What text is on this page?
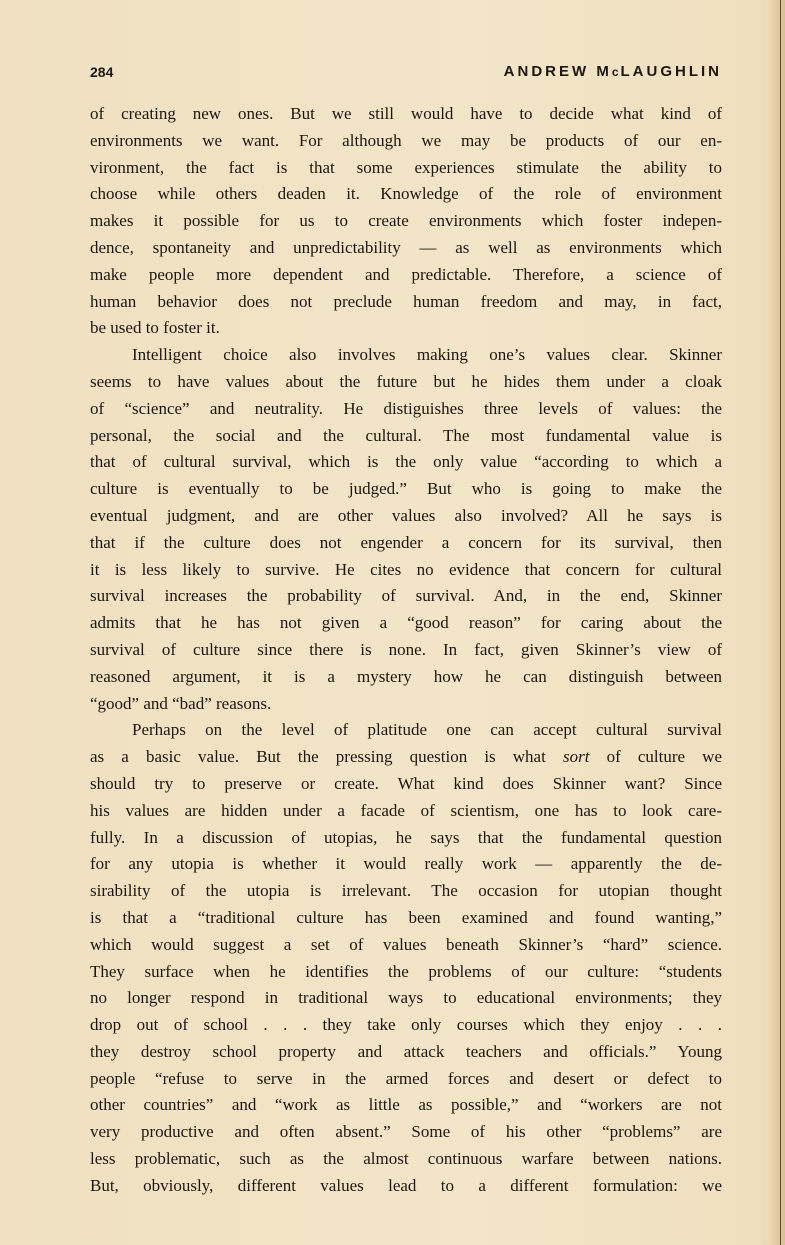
284	ANDREW McLAUGHLIN
of creating new ones. But we still would have to decide what kind of
environments we want. For although we may be products of our en-
vironment, the fact is that some experiences stimulate the ability to
choose while others deaden it. Knowledge of the role of environment
makes it possible for us to create environments which foster indepen-
dence, spontaneity and unpredictability — as well as environments which
make people more dependent and predictable. Therefore, a science of
human behavior does not preclude human freedom and may, in fact,
be used to foster it.
Intelligent choice also involves making one’s values clear. Skinner
seems to have values about the future but he hides them under a cloak
of “science” and neutrality. He distiguishes three levels of values: the
personal, the social and the cultural. The most fundamental value is
that of cultural survival, which is the only value “according to which a
culture is eventually to be judged.” But who is going to make the
eventual judgment, and are other values also involved? All he says is
that if the culture does not engender a concern for its survival, then
it is less likely to survive. He cites no evidence that concern for cultural
survival increases the probability of survival. And, in the end, Skinner
admits that he has not given a “good reason” for caring about the
survival of culture since there is none. In fact, given Skinner’s view of
reasoned argument, it is a mystery how he can distinguish between
“good” and “bad” reasons.
Perhaps on the level of platitude one can accept cultural survival
as a basic value. But the pressing question is what sort of culture we
should try to preserve or create. What kind does Skinner want? Since
his values are hidden under a facade of scientism, one has to look care-
fully. In a discussion of utopias, he says that the fundamental question
for any utopia is whether it would really work — apparently the de-
sirability of the utopia is irrelevant. The occasion for utopian thought
is that a “traditional culture has been examined and found wanting,”
which would suggest a set of values beneath Skinner’s “hard” science.
They surface when he identifies the problems of our culture: “students
no longer respond in traditional ways to educational environments; they
drop out of school . . . they take only courses which they enjoy . . .
they destroy school property and attack teachers and officials.” Young
people “refuse to serve in the armed forces and desert or defect to
other countries” and “work as little as possible,” and “workers are not
very productive and often absent.” Some of his other “problems” are
less problematic, such as the almost continuous warfare between nations.
But, obviously, different values lead to a different formulation: we
